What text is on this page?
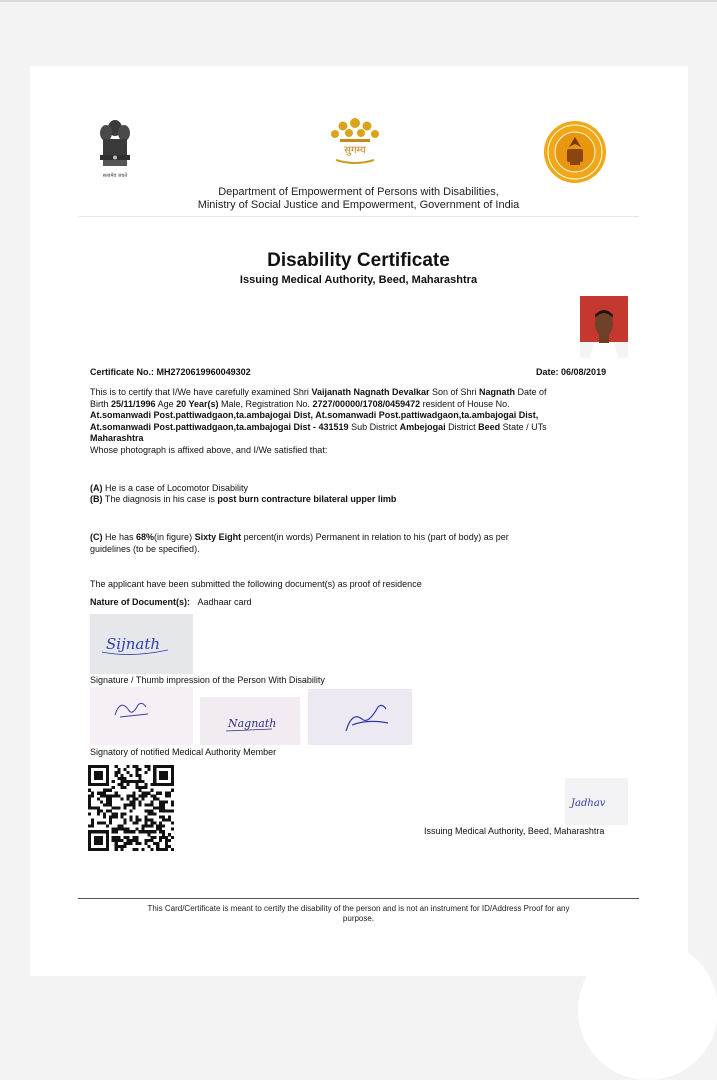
सत्यमेव जयते
सुगम्य
Department of Empowerment of Persons with Disabilities,
Ministry of Social Justice and Empowerment, Government of India
Disability Certificate
Issuing Medical Authority, Beed, Maharashtra
Certificate No.: MH2720619960049302	Date: 06/08/2019
This is to certify that I/We have carefully examined Shri Vaijanath Nagnath Devalkar Son of Shri Nagnath Date of
Birth 25/11/1996 Age 20 Year(s) Male, Registration No. 2727/00000/1708/0459472 resident of House No.
At.somanwadi Post.pattiwadgaon,ta.ambajogai Dist, At.somanwadi Post.pattiwadgaon,ta.ambajogai Dist,
At.somanwadi Post.pattiwadgaon,ta.ambajogai Dist - 431519 Sub District Ambejogai District Beed State / UTs
Maharashtra
Whose photograph is affixed above, and I/We satisfied that:
(A) He is a case of Locomotor Disability
(B) The diagnosis in his case is post burn contracture bilateral upper limb
(C) He has 68%(in figure) Sixty Eight percent(in words) Permanent in relation to his (part of body) as per
guidelines (to be specified).
The applicant have been submitted the following document(s) as proof of residence
Nature of Document(s): Aadhaar card
Sijnath
Signature / Thumb impression of the Person With Disability
Nagnath
Signatory of notified Medical Authority Member
Jadhav
Issuing Medical Authority, Beed, Maharashtra
This Card/Certificate is meant to certify the disability of the person and is not an instrument for ID/Address Proof for any
purpose.
